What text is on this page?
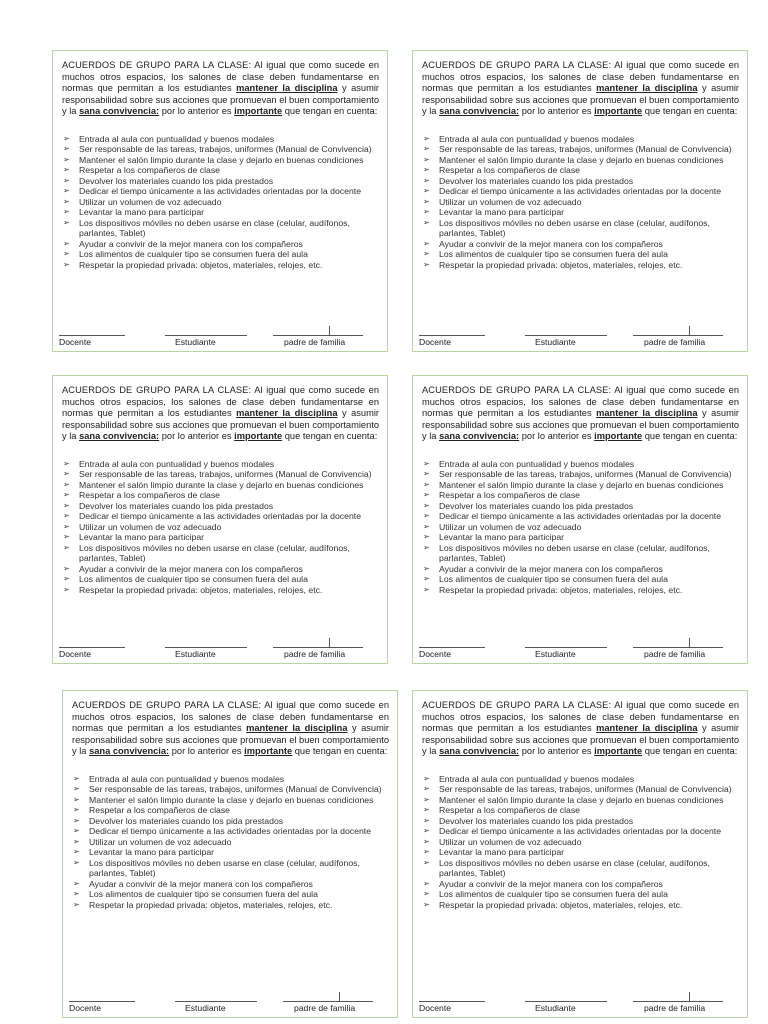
ACUERDOS DE GRUPO PARA LA CLASE: Al igual que como sucede en muchos otros espacios, los salones de clase deben fundamentarse en normas que permitan a los estudiantes mantener la disciplina y asumir responsabilidad sobre sus acciones que promuevan el buen comportamiento y la sana convivencia: por lo anterior es importante que tengan en cuenta:

➢ Entrada al aula con puntualidad y buenos modales
➢ Ser responsable de las tareas, trabajos, uniformes (Manual de Convivencia)
➢ Mantener el salón limpio durante la clase y dejarlo en buenas condiciones
➢ Respetar a los compañeros de clase
➢ Devolver los materiales cuando los pida prestados
➢ Dedicar el tiempo únicamente a las actividades orientadas por la docente
➢ Utilizar un volumen de voz adecuado
➢ Levantar la mano para participar
➢ Los dispositivos móviles no deben usarse en clase (celular, audífonos, parlantes, Tablet)
➢ Ayudar a convivir de la mejor manera con los compañeros
➢ Los alimentos de cualquier tipo se consumen fuera del aula
➢ Respetar la propiedad privada: objetos, materiales, relojes, etc.
Docente	Estudiante	padre de familia

ACUERDOS DE GRUPO PARA LA CLASE: Al igual que como sucede en muchos otros espacios, los salones de clase deben fundamentarse en normas que permitan a los estudiantes mantener la disciplina y asumir responsabilidad sobre sus acciones que promuevan el buen comportamiento y la sana convivencia: por lo anterior es importante que tengan en cuenta:

➢ Entrada al aula con puntualidad y buenos modales
➢ Ser responsable de las tareas, trabajos, uniformes (Manual de Convivencia)
➢ Mantener el salón limpio durante la clase y dejarlo en buenas condiciones
➢ Respetar a los compañeros de clase
➢ Devolver los materiales cuando los pida prestados
➢ Dedicar el tiempo únicamente a las actividades orientadas por la docente
➢ Utilizar un volumen de voz adecuado
➢ Levantar la mano para participar
➢ Los dispositivos móviles no deben usarse en clase (celular, audífonos, parlantes, Tablet)
➢ Ayudar a convivir de la mejor manera con los compañeros
➢ Los alimentos de cualquier tipo se consumen fuera del aula
➢ Respetar la propiedad privada: objetos, materiales, relojes, etc.
Docente	Estudiante	padre de familia

ACUERDOS DE GRUPO PARA LA CLASE: Al igual que como sucede en muchos otros espacios, los salones de clase deben fundamentarse en normas que permitan a los estudiantes mantener la disciplina y asumir responsabilidad sobre sus acciones que promuevan el buen comportamiento y la sana convivencia: por lo anterior es importante que tengan en cuenta:

➢ Entrada al aula con puntualidad y buenos modales
➢ Ser responsable de las tareas, trabajos, uniformes (Manual de Convivencia)
➢ Mantener el salón limpio durante la clase y dejarlo en buenas condiciones
➢ Respetar a los compañeros de clase
➢ Devolver los materiales cuando los pida prestados
➢ Dedicar el tiempo únicamente a las actividades orientadas por la docente
➢ Utilizar un volumen de voz adecuado
➢ Levantar la mano para participar
➢ Los dispositivos móviles no deben usarse en clase (celular, audífonos, parlantes, Tablet)
➢ Ayudar a convivir de la mejor manera con los compañeros
➢ Los alimentos de cualquier tipo se consumen fuera del aula
➢ Respetar la propiedad privada: objetos, materiales, relojes, etc.
Docente	Estudiante	padre de familia

ACUERDOS DE GRUPO PARA LA CLASE: Al igual que como sucede en muchos otros espacios, los salones de clase deben fundamentarse en normas que permitan a los estudiantes mantener la disciplina y asumir responsabilidad sobre sus acciones que promuevan el buen comportamiento y la sana convivencia: por lo anterior es importante que tengan en cuenta:

➢ Entrada al aula con puntualidad y buenos modales
➢ Ser responsable de las tareas, trabajos, uniformes (Manual de Convivencia)
➢ Mantener el salón limpio durante la clase y dejarlo en buenas condiciones
➢ Respetar a los compañeros de clase
➢ Devolver los materiales cuando los pida prestados
➢ Dedicar el tiempo únicamente a las actividades orientadas por la docente
➢ Utilizar un volumen de voz adecuado
➢ Levantar la mano para participar
➢ Los dispositivos móviles no deben usarse en clase (celular, audífonos, parlantes, Tablet)
➢ Ayudar a convivir de la mejor manera con los compañeros
➢ Los alimentos de cualquier tipo se consumen fuera del aula
➢ Respetar la propiedad privada: objetos, materiales, relojes, etc.
Docente	Estudiante	padre de familia

ACUERDOS DE GRUPO PARA LA CLASE: Al igual que como sucede en muchos otros espacios, los salones de clase deben fundamentarse en normas que permitan a los estudiantes mantener la disciplina y asumir responsabilidad sobre sus acciones que promuevan el buen comportamiento y la sana convivencia: por lo anterior es importante que tengan en cuenta:

➢ Entrada al aula con puntualidad y buenos modales
➢ Ser responsable de las tareas, trabajos, uniformes (Manual de Convivencia)
➢ Mantener el salón limpio durante la clase y dejarlo en buenas condiciones
➢ Respetar a los compañeros de clase
➢ Devolver los materiales cuando los pida prestados
➢ Dedicar el tiempo únicamente a las actividades orientadas por la docente
➢ Utilizar un volumen de voz adecuado
➢ Levantar la mano para participar
➢ Los dispositivos móviles no deben usarse en clase (celular, audífonos, parlantes, Tablet)
➢ Ayudar a convivir de la mejor manera con los compañeros
➢ Los alimentos de cualquier tipo se consumen fuera del aula
➢ Respetar la propiedad privada: objetos, materiales, relojes, etc.
Docente	Estudiante	padre de familia

ACUERDOS DE GRUPO PARA LA CLASE: Al igual que como sucede en muchos otros espacios, los salones de clase deben fundamentarse en normas que permitan a los estudiantes mantener la disciplina y asumir responsabilidad sobre sus acciones que promuevan el buen comportamiento y la sana convivencia: por lo anterior es importante que tengan en cuenta:

➢ Entrada al aula con puntualidad y buenos modales
➢ Ser responsable de las tareas, trabajos, uniformes (Manual de Convivencia)
➢ Mantener el salón limpio durante la clase y dejarlo en buenas condiciones
➢ Respetar a los compañeros de clase
➢ Devolver los materiales cuando los pida prestados
➢ Dedicar el tiempo únicamente a las actividades orientadas por la docente
➢ Utilizar un volumen de voz adecuado
➢ Levantar la mano para participar
➢ Los dispositivos móviles no deben usarse en clase (celular, audífonos, parlantes, Tablet)
➢ Ayudar a convivir de la mejor manera con los compañeros
➢ Los alimentos de cualquier tipo se consumen fuera del aula
➢ Respetar la propiedad privada: objetos, materiales, relojes, etc.
Docente	Estudiante	padre de familia
